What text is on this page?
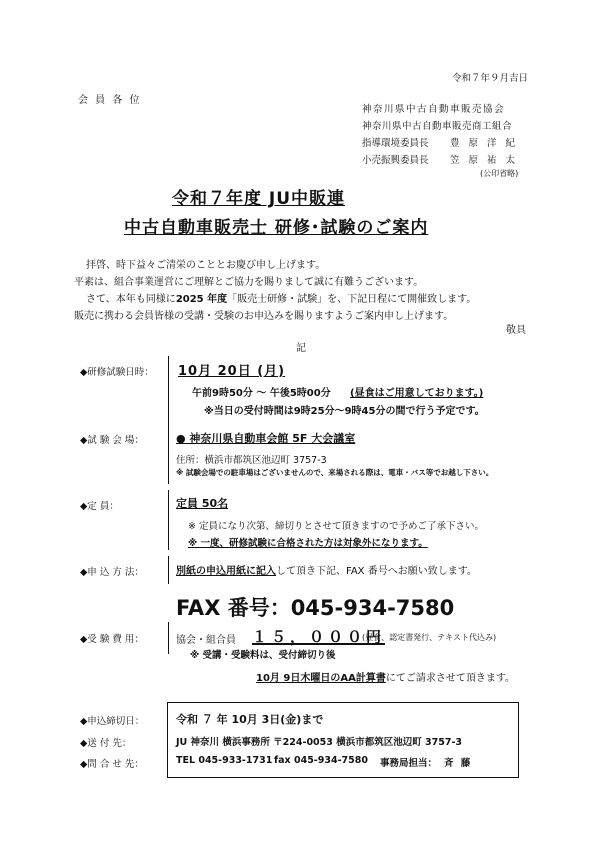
令和７年９月吉日
会 員 各 位
神奈川県中古自動車販売協会
神奈川県中古自動車販売商工組合
指導環境委員長 豊 原 洋 紀
小売振興委員長 笠 原 祐 太
(公印省略)
令和７年度 JU中販連
中古自動車販売士 研修･試験のご案内
拝啓、時下益々ご清栄のこととお慶び申し上げます。
平素は、組合事業運営にご理解とご協力を賜りまして誠に有難うございます。
さて、本年も同様に2025 年度「販売士研修・試験」を、下記日程にて開催致します。
販売に携わる会員皆様の受講・受験のお申込みを賜りますようご案内申し上げます。
敬具
記
◆研修試験日時： 10月 20日 (月)
午前9時50分 ～ 午後5時00分 (昼食はご用意しております。)
※当日の受付時間は9時25分～9時45分の間で行う予定です。
◆試 験 会 場：	● 神奈川県自動車会館 5F 大会議室
住所：横浜市都筑区池辺町 3757-3
※ 試験会場での駐車場はございませんので、来場される際は、電車・バス等でお越し下さい。
◆定 員：	定員 50名
※ 定員になり次第、締切りとさせて頂きますので予めご了承下さい。
※ 一度、研修試験に合格された方は対象外になります。
◆申 込 方 法：	別紙の申込用紙に記入して頂き下記、FAX 番号へお願い致します。
FAX 番号：045-934-7580
◆受 験 費 用：	協会・組合員 １５，０００円
(昼食、認定書発行、テキスト代込み)
※ 受講・受験料は、受付締切り後
10月 9日木曜日のAA計算書にてご請求させて頂きます。
◆申込締切日：	令和 ７ 年 10月 3日(金)まで
◆送 付 先：	JU 神奈川 横浜事務所 〒224-0053 横浜市都筑区池辺町 3757-3
◆問 合 せ 先：	TEL 045-933-1731 fax 045-934-7580 事務局担当： 斉 藤
